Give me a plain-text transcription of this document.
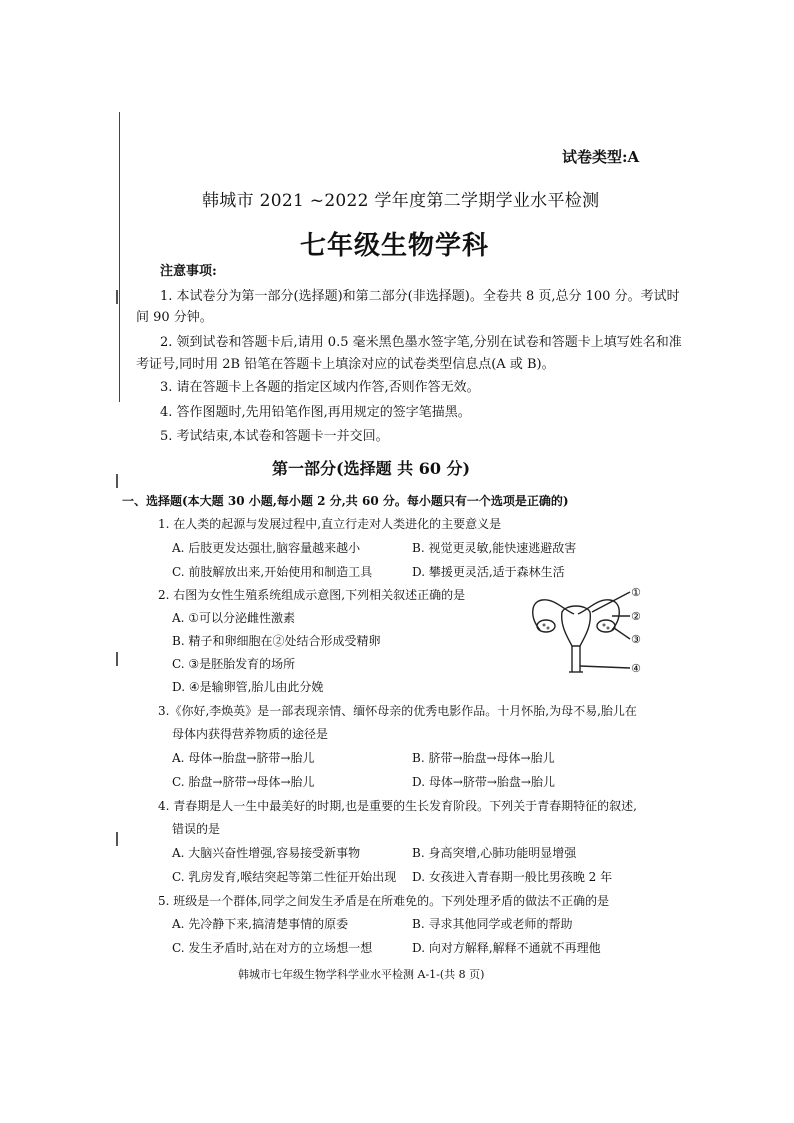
试卷类型:A
韩城市 2021 ~2022 学年度第二学期学业水平检测
七年级生物学科
注意事项:
1. 本试卷分为第一部分(选择题)和第二部分(非选择题)。全卷共 8 页,总分 100 分。考试时
间 90 分钟。
2. 领到试卷和答题卡后,请用 0.5 毫米黑色墨水签字笔,分别在试卷和答题卡上填写姓名和准
考证号,同时用 2B 铅笔在答题卡上填涂对应的试卷类型信息点(A 或 B)。
3. 请在答题卡上各题的指定区域内作答,否则作答无效。
4. 答作图题时,先用铅笔作图,再用规定的签字笔描黑。
5. 考试结束,本试卷和答题卡一并交回。
第一部分(选择题 共 60 分)
一、选择题(本大题 30 小题,每小题 2 分,共 60 分。每小题只有一个选项是正确的)
1. 在人类的起源与发展过程中,直立行走对人类进化的主要意义是
A. 后肢更发达强壮,脑容量越来越小	B. 视觉更灵敏,能快速逃避敌害
C. 前肢解放出来,开始使用和制造工具	D. 攀援更灵活,适于森林生活
2. 右图为女性生殖系统组成示意图,下列相关叙述正确的是
A. ①可以分泌雌性激素
B. 精子和卵细胞在②处结合形成受精卵
C. ③是胚胎发育的场所
D. ④是输卵管,胎儿由此分娩
①
②
③
④
3.《你好,李焕英》是一部表现亲情、缅怀母亲的优秀电影作品。十月怀胎,为母不易,胎儿在
母体内获得营养物质的途径是
A. 母体→胎盘→脐带→胎儿	B. 脐带→胎盘→母体→胎儿
C. 胎盘→脐带→母体→胎儿	D. 母体→脐带→胎盘→胎儿
4. 青春期是人一生中最美好的时期,也是重要的生长发育阶段。下列关于青春期特征的叙述,
错误的是
A. 大脑兴奋性增强,容易接受新事物	B. 身高突增,心肺功能明显增强
C. 乳房发育,喉结突起等第二性征开始出现 D. 女孩进入青春期一般比男孩晚 2 年
5. 班级是一个群体,同学之间发生矛盾是在所难免的。下列处理矛盾的做法不正确的是
A. 先冷静下来,搞清楚事情的原委	B. 寻求其他同学或老师的帮助
C. 发生矛盾时,站在对方的立场想一想	D. 向对方解释,解释不通就不再理他
韩城市七年级生物学科学业水平检测 A-1-(共 8 页)
